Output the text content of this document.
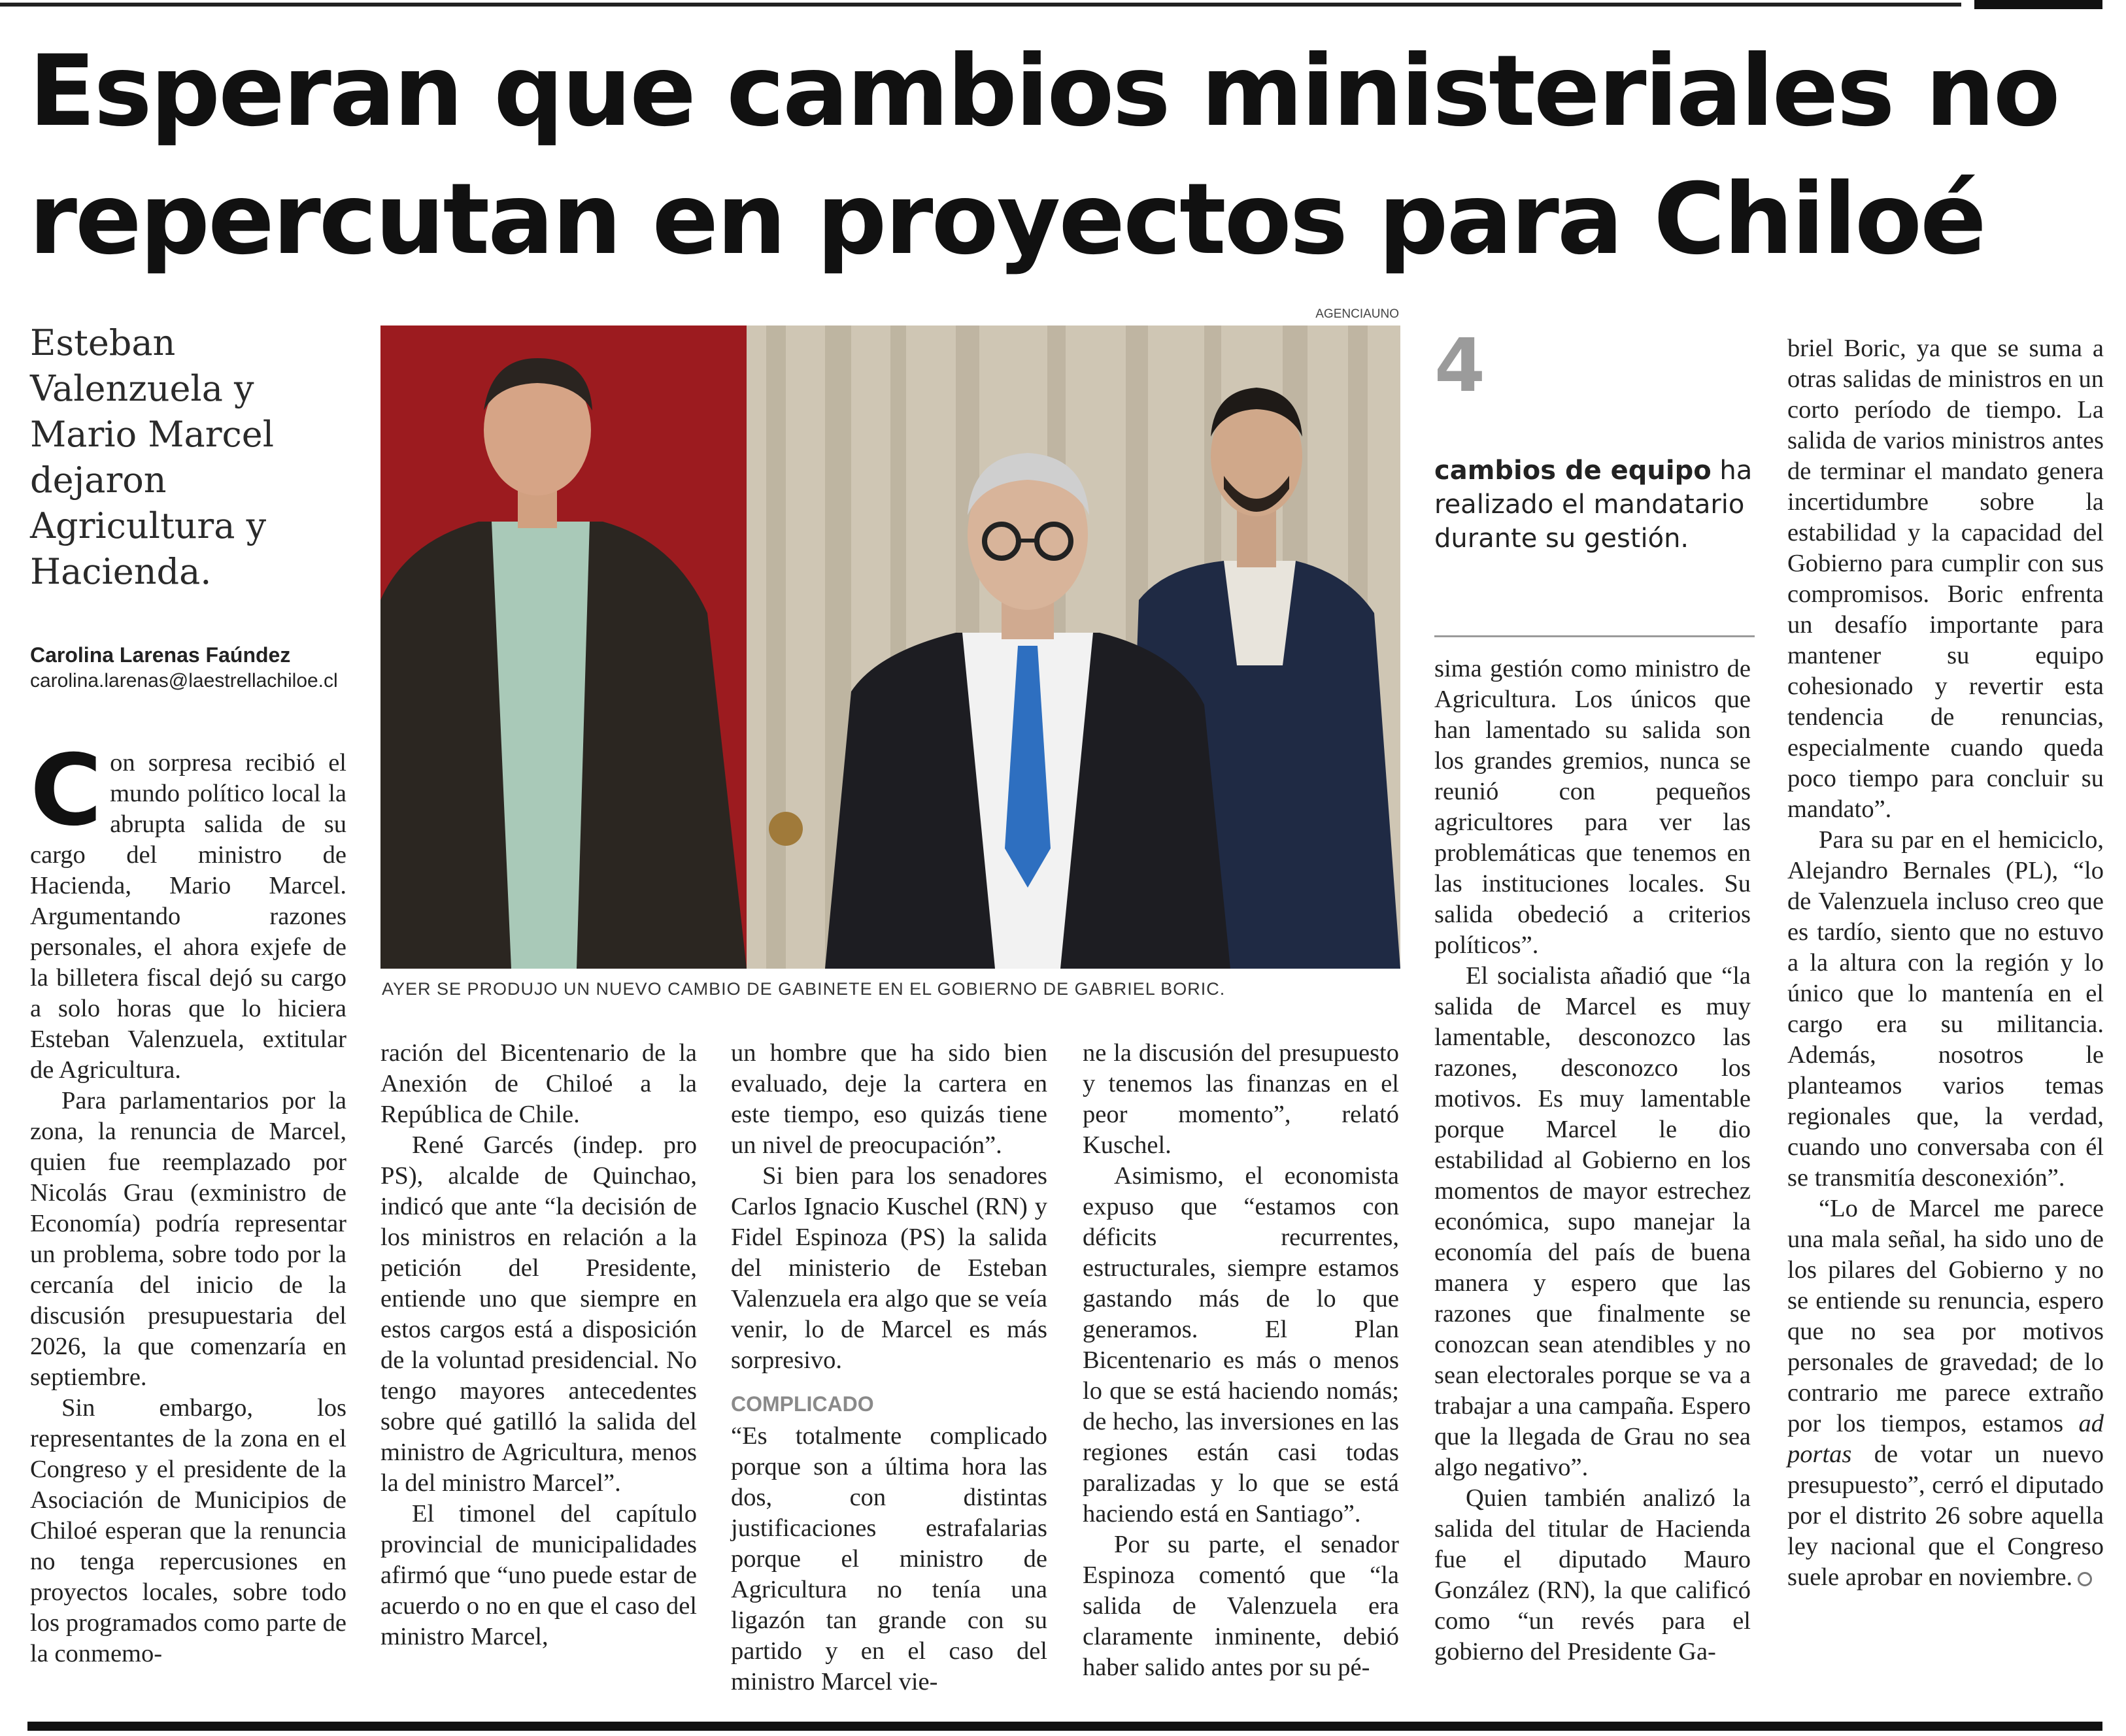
Esperan que cambios ministeriales no repercutan en proyectos para Chiloé
Esteban Valenzuela y Mario Marcel dejaron Agricultura y Hacienda.
Carolina Larenas Faúndez
carolina.larenas@laestrellachiloe.cl
AGENCIAUNO
AYER SE PRODUJO UN NUEVO CAMBIO DE GABINETE EN EL GOBIERNO DE GABRIEL BORIC.

Con sorpresa recibió el mundo político local la abrupta salida de su cargo del ministro de Hacienda, Mario Marcel. Argumentando razones personales, el ahora exjefe de la billetera fiscal dejó su cargo a solo horas que lo hiciera Esteban Valenzuela, extitular de Agricultura.

Para parlamentarios por la zona, la renuncia de Marcel, quien fue reemplazado por Nicolás Grau (exministro de Economía) podría representar un problema, sobre todo por la cercanía del inicio de la discusión presupuestaria del 2026, la que comenzaría en septiembre.

Sin embargo, los representantes de la zona en el Congreso y el presidente de la Asociación de Municipios de Chiloé esperan que la renuncia no tenga repercusiones en proyectos locales, sobre todo los programados como parte de la conmemo-

ración del Bicentenario de la Anexión de Chiloé a la República de Chile.

René Garcés (indep. pro PS), alcalde de Quinchao, indicó que ante “la decisión de los ministros en relación a la petición del Presidente, entiende uno que siempre en estos cargos está a disposición de la voluntad presidencial. No tengo mayores antecedentes sobre qué gatilló la salida del ministro de Agricultura, menos la del ministro Marcel”.

El timonel del capítulo provincial de municipalidades afirmó que “uno puede estar de acuerdo o no en que el caso del ministro Marcel,

un hombre que ha sido bien evaluado, deje la cartera en este tiempo, eso quizás tiene un nivel de preocupación”.

Si bien para los senadores Carlos Ignacio Kuschel (RN) y Fidel Espinoza (PS) la salida del ministerio de Esteban Valenzuela era algo que se veía venir, lo de Marcel es más sorpresivo.

COMPLICADO

“Es totalmente complicado porque son a última hora las dos, con distintas justificaciones estrafalarias porque el ministro de Agricultura no tenía una ligazón tan grande con su partido y en el caso del ministro Marcel vie-

ne la discusión del presupuesto y tenemos las finanzas en el peor momento”, relató Kuschel.

Asimismo, el economista expuso que “estamos con déficits recurrentes, estructurales, siempre estamos gastando más de lo que generamos. El Plan Bicentenario es más o menos lo que se está haciendo nomás; de hecho, las inversiones en las regiones están casi todas paralizadas y lo que se está haciendo está en Santiago”.

Por su parte, el senador Espinoza comentó que “la salida de Valenzuela era claramente inminente, debió haber salido antes por su pé-

4
cambios de equipo ha realizado el mandatario durante su gestión.

sima gestión como ministro de Agricultura. Los únicos que han lamentado su salida son los grandes gremios, nunca se reunió con pequeños agricultores para ver las problemáticas que tenemos en las instituciones locales. Su salida obedeció a criterios políticos”.

El socialista añadió que “la salida de Marcel es muy lamentable, desconozco las razones, desconozco los motivos. Es muy lamentable porque Marcel le dio estabilidad al Gobierno en los momentos de mayor estrechez económica, supo manejar la economía del país de buena manera y espero que las razones que finalmente se conozcan sean atendibles y no sean electorales porque se va a trabajar a una campaña. Espero que la llegada de Grau no sea algo negativo”.

Quien también analizó la salida del titular de Hacienda fue el diputado Mauro González (RN), la que calificó como “un revés para el gobierno del Presidente Ga-

briel Boric, ya que se suma a otras salidas de ministros en un corto período de tiempo. La salida de varios ministros antes de terminar el mandato genera incertidumbre sobre la estabilidad y la capacidad del Gobierno para cumplir con sus compromisos. Boric enfrenta un desafío importante para mantener su equipo cohesionado y revertir esta tendencia de renuncias, especialmente cuando queda poco tiempo para concluir su mandato”.

Para su par en el hemiciclo, Alejandro Bernales (PL), “lo de Valenzuela incluso creo que es tardío, siento que no estuvo a la altura con la región y lo único que lo mantenía en el cargo era su militancia. Además, nosotros le planteamos varios temas regionales que, la verdad, cuando uno conversaba con él se transmitía desconexión”.

“Lo de Marcel me parece una mala señal, ha sido uno de los pilares del Gobierno y no se entiende su renuncia, espero que no sea por motivos personales de gravedad; de lo contrario me parece extraño por los tiempos, estamos ad portas de votar un nuevo presupuesto”, cerró el diputado por el distrito 26 sobre aquella ley nacional que el Congreso suele aprobar en noviembre.
